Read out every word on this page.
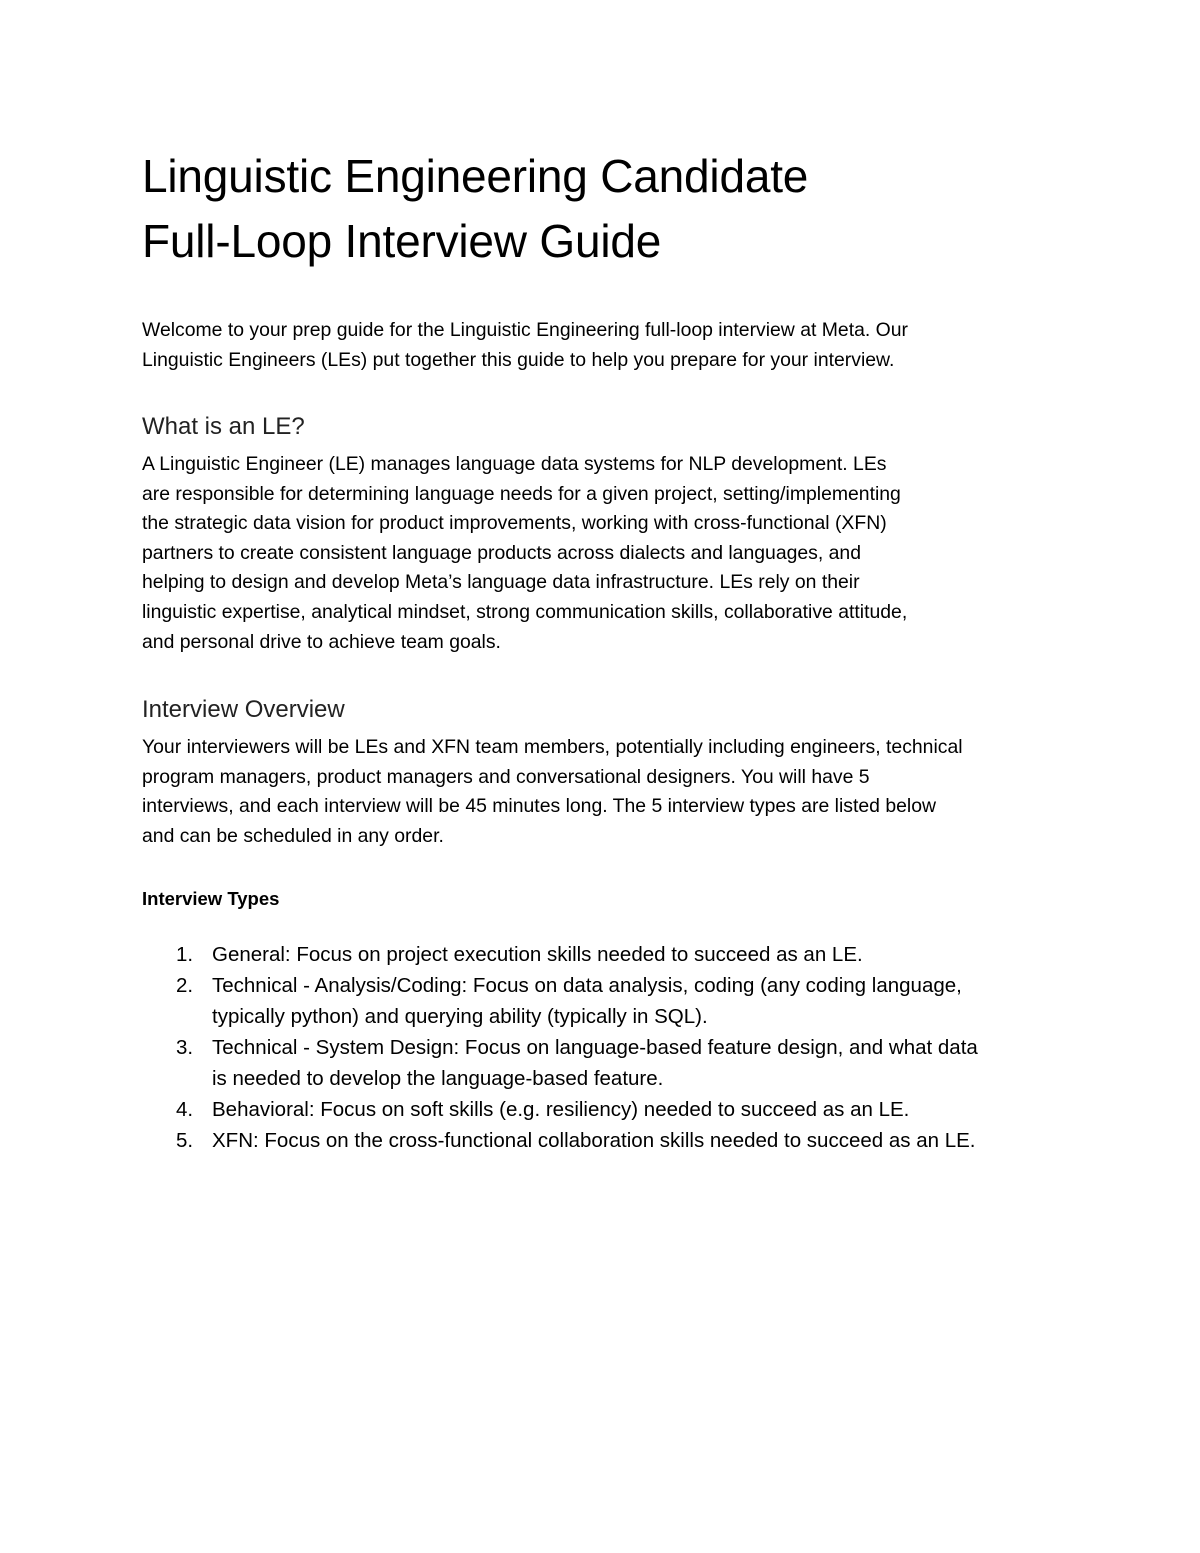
Linguistic Engineering Candidate
Full-Loop Interview Guide

Welcome to your prep guide for the Linguistic Engineering full-loop interview at Meta. Our
Linguistic Engineers (LEs) put together this guide to help you prepare for your interview.

What is an LE?

A Linguistic Engineer (LE) manages language data systems for NLP development. LEs
are responsible for determining language needs for a given project, setting/implementing
the strategic data vision for product improvements, working with cross-functional (XFN)
partners to create consistent language products across dialects and languages, and
helping to design and develop Meta’s language data infrastructure. LEs rely on their
linguistic expertise, analytical mindset, strong communication skills, collaborative attitude,
and personal drive to achieve team goals.

Interview Overview

Your interviewers will be LEs and XFN team members, potentially including engineers, technical
program managers, product managers and conversational designers. You will have 5
interviews, and each interview will be 45 minutes long. The 5 interview types are listed below
and can be scheduled in any order.

Interview Types
1. General: Focus on project execution skills needed to succeed as an LE.
2. Technical - Analysis/Coding: Focus on data analysis, coding (any coding language,
typically python) and querying ability (typically in SQL).
3. Technical - System Design: Focus on language-based feature design, and what data
is needed to develop the language-based feature.
4. Behavioral: Focus on soft skills (e.g. resiliency) needed to succeed as an LE.
5. XFN: Focus on the cross-functional collaboration skills needed to succeed as an LE.
